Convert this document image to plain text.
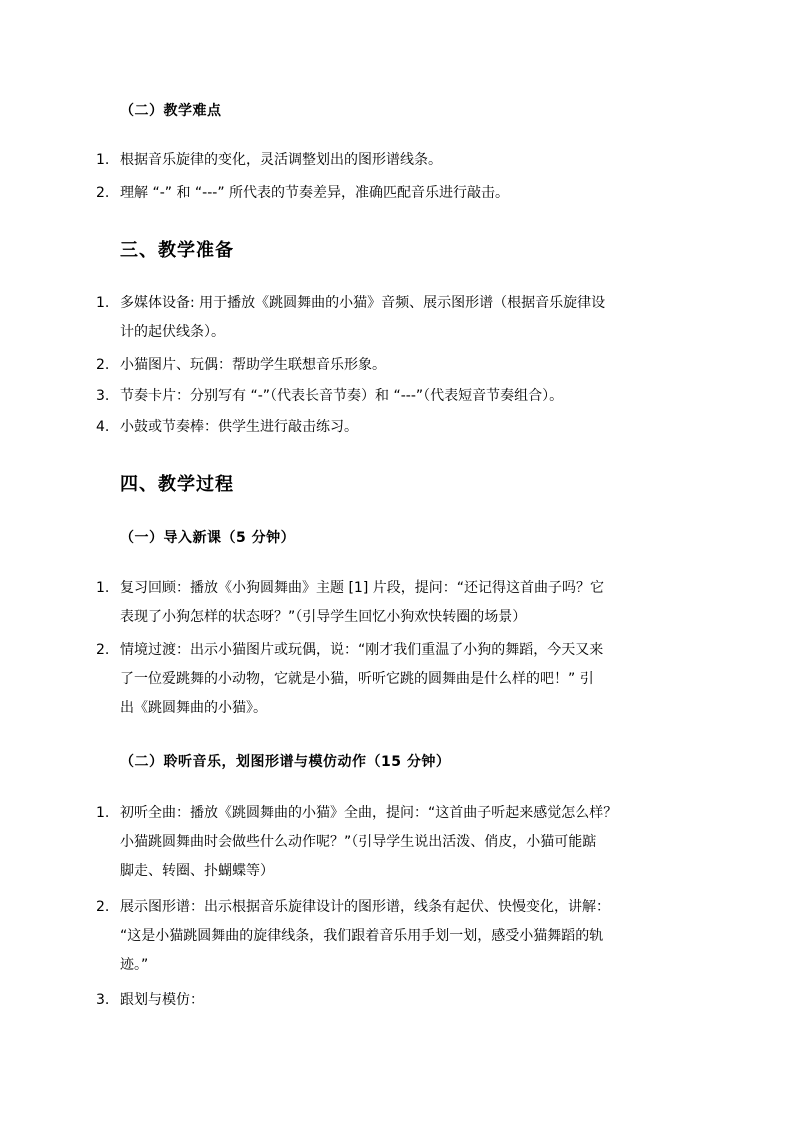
（二）教学难点
1. 根据音乐旋律的变化，灵活调整划出的图形谱线条。
2. 理解 “-” 和 “---” 所代表的节奏差异，准确匹配音乐进行敲击。
三、教学准备
1. 多媒体设备: 用于播放《跳圆舞曲的小猫》音频、展示图形谱（根据音乐旋律设
计的起伏线条）。
2. 小猫图片、玩偶：帮助学生联想音乐形象。
3. 节奏卡片：分别写有 “-”（代表长音节奏）和 “---”（代表短音节奏组合）。
4. 小鼓或节奏棒：供学生进行敲击练习。
四、教学过程
（一）导入新课（5 分钟）
1. 复习回顾：播放《小狗圆舞曲》主题 [1] 片段，提问：“还记得这首曲子吗？它
表现了小狗怎样的状态呀？”（引导学生回忆小狗欢快转圈的场景）
2. 情境过渡：出示小猫图片或玩偶，说：“刚才我们重温了小狗的舞蹈，今天又来
了一位爱跳舞的小动物，它就是小猫，听听它跳的圆舞曲是什么样的吧！” 引
出《跳圆舞曲的小猫》。
（二）聆听音乐，划图形谱与模仿动作（15 分钟）
1. 初听全曲：播放《跳圆舞曲的小猫》全曲，提问：“这首曲子听起来感觉怎么样？
小猫跳圆舞曲时会做些什么动作呢？”（引导学生说出活泼、俏皮，小猫可能踮
脚走、转圈、扑蝴蝶等）
2. 展示图形谱：出示根据音乐旋律设计的图形谱，线条有起伏、快慢变化，讲解：
“这是小猫跳圆舞曲的旋律线条，我们跟着音乐用手划一划，感受小猫舞蹈的轨
迹。”
3. 跟划与模仿：
